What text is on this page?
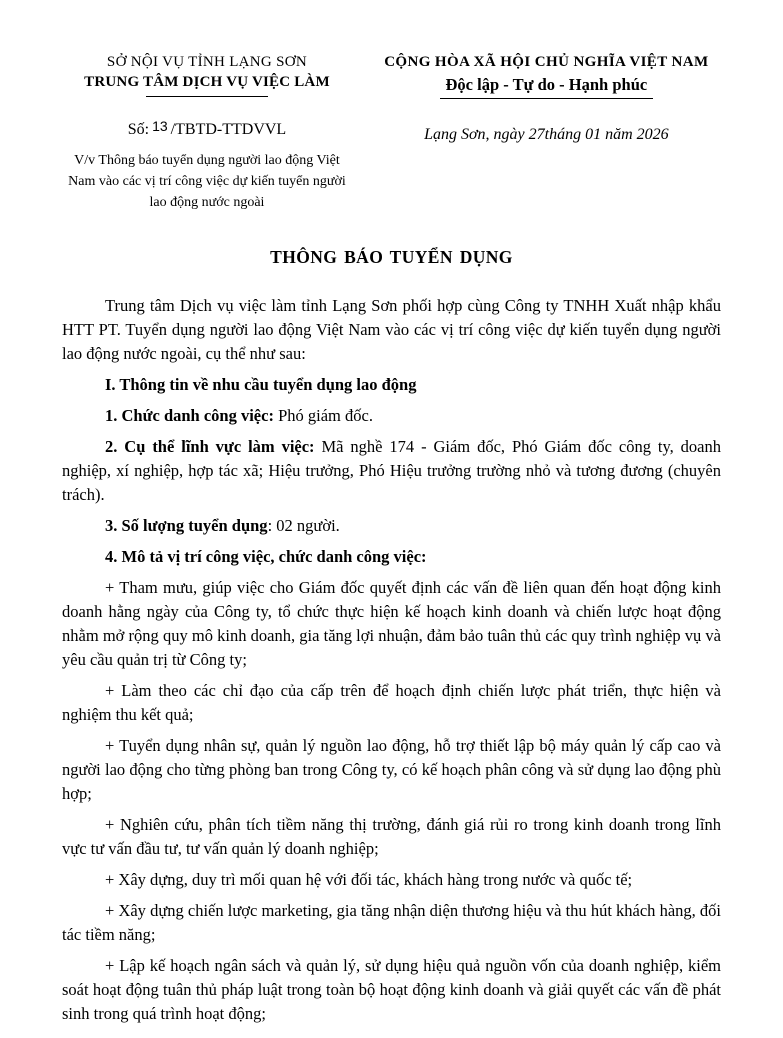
SỞ NỘI VỤ TỈNH LẠNG SƠN
TRUNG TÂM DỊCH VỤ VIỆC LÀM
Số: 13 /TBTD-TTDVVL
V/v Thông báo tuyển dụng người lao động Việt Nam vào các vị trí công việc dự kiến tuyển người lao động nước ngoài
CỘNG HÒA XÃ HỘI CHỦ NGHĨA VIỆT NAM
Độc lập - Tự do - Hạnh phúc
Lạng Sơn, ngày 27tháng 01 năm 2026
THÔNG BÁO TUYỂN DỤNG

Trung tâm Dịch vụ việc làm tỉnh Lạng Sơn phối hợp cùng Công ty TNHH Xuất nhập khẩu HTT PT. Tuyển dụng người lao động Việt Nam vào các vị trí công việc dự kiến tuyển dụng người lao động nước ngoài, cụ thể như sau:

I. Thông tin về nhu cầu tuyển dụng lao động

1. Chức danh công việc: Phó giám đốc.

2. Cụ thể lĩnh vực làm việc: Mã nghề 174 - Giám đốc, Phó Giám đốc công ty, doanh nghiệp, xí nghiệp, hợp tác xã; Hiệu trưởng, Phó Hiệu trưởng trường nhỏ và tương đương (chuyên trách).

3. Số lượng tuyển dụng: 02 người.

4. Mô tả vị trí công việc, chức danh công việc:

+ Tham mưu, giúp việc cho Giám đốc quyết định các vấn đề liên quan đến hoạt động kinh doanh hằng ngày của Công ty, tổ chức thực hiện kế hoạch kinh doanh và chiến lược hoạt động nhằm mở rộng quy mô kinh doanh, gia tăng lợi nhuận, đảm bảo tuân thủ các quy trình nghiệp vụ và yêu cầu quản trị từ Công ty;

+ Làm theo các chỉ đạo của cấp trên để hoạch định chiến lược phát triển, thực hiện và nghiệm thu kết quả;

+ Tuyển dụng nhân sự, quản lý nguồn lao động, hỗ trợ thiết lập bộ máy quản lý cấp cao và người lao động cho từng phòng ban trong Công ty, có kế hoạch phân công và sử dụng lao động phù hợp;

+ Nghiên cứu, phân tích tiềm năng thị trường, đánh giá rủi ro trong kinh doanh trong lĩnh vực tư vấn đầu tư, tư vấn quản lý doanh nghiệp;

+ Xây dựng, duy trì mối quan hệ với đối tác, khách hàng trong nước và quốc tế;

+ Xây dựng chiến lược marketing, gia tăng nhận diện thương hiệu và thu hút khách hàng, đối tác tiềm năng;

+ Lập kế hoạch ngân sách và quản lý, sử dụng hiệu quả nguồn vốn của doanh nghiệp, kiểm soát hoạt động tuân thủ pháp luật trong toàn bộ hoạt động kinh doanh và giải quyết các vấn đề phát sinh trong quá trình hoạt động;
